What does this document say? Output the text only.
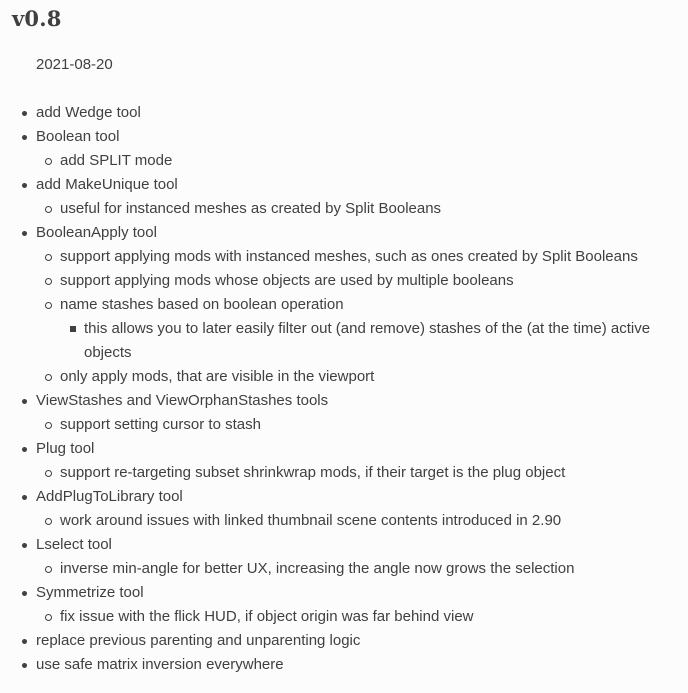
v0.8
2021-08-20
add Wedge tool
Boolean tool
add SPLIT mode
add MakeUnique tool
useful for instanced meshes as created by Split Booleans
BooleanApply tool
support applying mods with instanced meshes, such as ones created by Split Booleans
support applying mods whose objects are used by multiple booleans
name stashes based on boolean operation
this allows you to later easily filter out (and remove) stashes of the (at the time) active objects
only apply mods, that are visible in the viewport
ViewStashes and ViewOrphanStashes tools
support setting cursor to stash
Plug tool
support re-targeting subset shrinkwrap mods, if their target is the plug object
AddPlugToLibrary tool
work around issues with linked thumbnail scene contents introduced in 2.90
Lselect tool
inverse min-angle for better UX, increasing the angle now grows the selection
Symmetrize tool
fix issue with the flick HUD, if object origin was far behind view
replace previous parenting and unparenting logic
use safe matrix inversion everywhere
